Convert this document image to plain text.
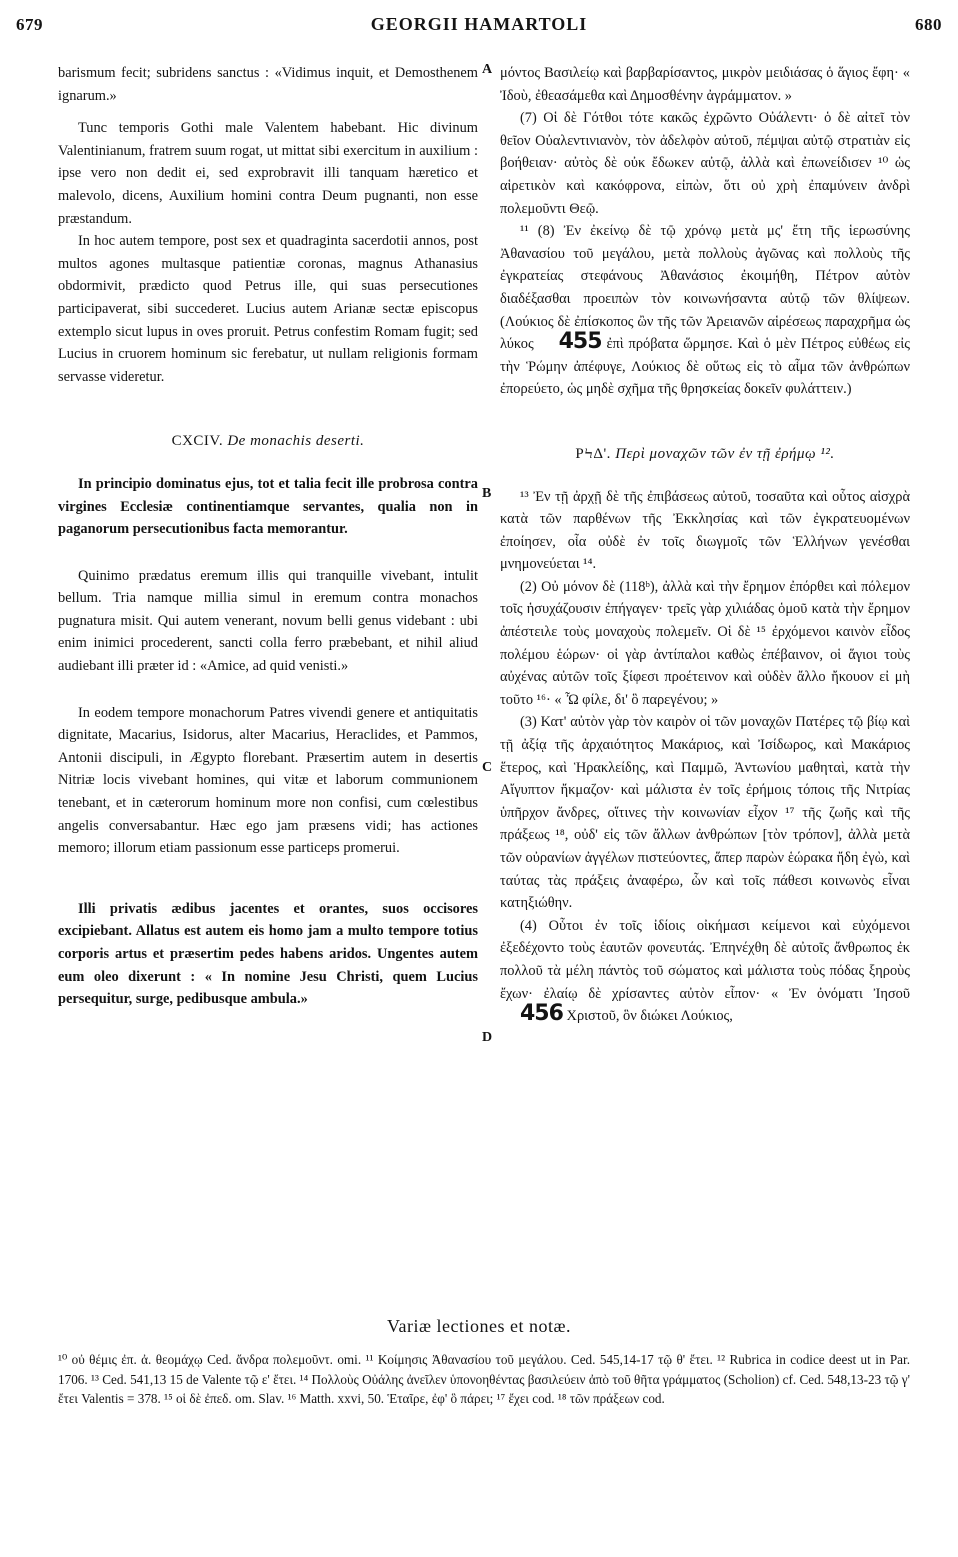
679	GEORGII HAMARTOLI	680
A
B
C
D

barismum fecit; subridens sanctus : «Vidimus inquit, et Demosthenem ignarum.»

Tunc temporis Gothi male Valentem habebant. Hic divinum Valentinianum, fratrem suum rogat, ut mittat sibi exercitum in auxilium : ipse vero non dedit ei, sed exprobravit illi tanquam hæretico et malevolo, dicens, Auxilium homini contra Deum pugnanti, non esse præstandum.

In hoc autem tempore, post sex et quadraginta sacerdotii annos, post multos agones multasque patientiæ coronas, magnus Athanasius obdormivit, prædicto quod Petrus ille, qui suas persecutiones participaverat, sibi succederet. Lucius autem Arianæ sectæ episcopus extemplo sicut lupus in oves proruit. Petrus confestim Romam fugit; sed Lucius in cruorem hominum sic ferebatur, ut nullam religionis formam servasse videretur.

CXCIV. De monachis deserti.

In principio dominatus ejus, tot et talia fecit ille probrosa contra virgines Ecclesiæ continentiamque servantes, qualia non in paganorum persecutionibus facta memorantur.

Quinimo prædatus eremum illis qui tranquille vivebant, intulit bellum. Tria namque millia simul in eremum contra monachos pugnatura misit. Qui autem venerant, novum belli genus videbant : ubi enim inimici procederent, sancti colla ferro præbebant, et nihil aliud audiebant illi præter id : «Amice, ad quid venisti.»

In eodem tempore monachorum Patres vivendi genere et antiquitatis dignitate, Macarius, Isidorus, alter Macarius, Heraclides, et Pammos, Antonii discipuli, in Ægypto florebant. Præsertim autem in desertis Nitriæ locis vivebant homines, qui vitæ et laborum communionem tenebant, et in cæterorum hominum more non confisi, cum cœlestibus angelis conversabantur. Hæc ego jam præsens vidi; has actiones memoro; illorum etiam passionum esse particeps promerui.

Illi privatis ædibus jacentes et orantes, suos occisores excipiebant. Allatus est autem eis homo jam a multo tempore totius corporis artus et præsertim pedes habens aridos. Ungentes autem eum oleo dixerunt : « In nomine Jesu Christi, quem Lucius persequitur, surge, pedibusque ambula.»

μόντος Βασιλείῳ καὶ βαρβαρίσαντος, μικρὸν μειδιάσας ὁ ἅγιος ἔφη· « Ἰδοὺ, ἐθεασάμεθα καὶ Δημοσθένην ἀγράμματον. »

(7) Οἱ δὲ Γότθοι τότε κακῶς ἐχρῶντο Οὐάλεντι· ὁ δὲ αἰτεῖ τὸν θεῖον Οὐαλεντινιανὸν, τὸν ἀδελφὸν αὐτοῦ, πέμψαι αὐτῷ στρατιὰν εἰς βοήθειαν· αὐτὸς δὲ οὐκ ἔδωκεν αὐτῷ, ἀλλὰ καὶ ἐπωνείδισεν ¹⁰ ὡς αἱρετικὸν καὶ κακόφρονα, εἰπὼν, ὅτι οὐ χρὴ ἐπαμύνειν ἀνδρὶ πολεμοῦντι Θεῷ.

¹¹ (8) Ἐν ἐκείνῳ δὲ τῷ χρόνῳ μετὰ μς' ἔτη τῆς ἱερωσύνης Ἀθανασίου τοῦ μεγάλου, μετὰ πολλοὺς ἀγῶνας καὶ πολλοὺς τῆς ἐγκρατείας στεφάνους Ἀθανάσιος ἐκοιμήθη, Πέτρον αὐτὸν διαδέξασθαι προειπὼν τὸν κοινωνήσαντα αὐτῷ τῶν θλίψεων. (Λούκιος δὲ ἐπίσκοπος ὢν τῆς τῶν Ἀρειανῶν αἱρέσεως παραχρῆμα ὡς λύκος 455 ἐπὶ πρόβατα ὥρμησε. Καὶ ὁ μὲν Πέτρος εὐθέως εἰς τὴν Ῥώμην ἀπέφυγε, Λούκιος δὲ οὕτως εἰς τὸ αἷμα τῶν ἀνθρώπων ἐπορεύετο, ὡς μηδὲ σχῆμα τῆς θρησκείας δοκεῖν φυλάττειν.)

ΡϞΔ'. Περὶ μοναχῶν τῶν ἐν τῇ ἐρήμῳ ¹².

¹³ Ἐν τῇ ἀρχῇ δὲ τῆς ἐπιβάσεως αὐτοῦ, τοσαῦτα καὶ οὗτος αἰσχρὰ κατὰ τῶν παρθένων τῆς Ἐκκλησίας καὶ τῶν ἐγκρατευομένων ἐποίησεν, οἷα οὐδὲ ἐν τοῖς διωγμοῖς τῶν Ἑλλήνων γενέσθαι μνημονεύεται ¹⁴.

(2) Οὐ μόνον δὲ (118ᵇ), ἀλλὰ καὶ τὴν ἔρημον ἐπόρθει καὶ πόλεμον τοῖς ἡσυχάζουσιν ἐπήγαγεν· τρεῖς γὰρ χιλιάδας ὁμοῦ κατὰ τὴν ἔρημον ἀπέστειλε τοὺς μοναχοὺς πολεμεῖν. Οἱ δὲ ¹⁵ ἐρχόμενοι καινὸν εἶδος πολέμου ἑώρων· οἱ γὰρ ἀντίπαλοι καθὼς ἐπέβαινον, οἱ ἅγιοι τοὺς αὐχένας αὐτῶν τοῖς ξίφεσι προέτεινον καὶ οὐδὲν ἄλλο ἤκουον εἰ μὴ τοῦτο ¹⁶· « Ὦ φίλε, δι' ὃ παρεγένου; »

(3) Κατ' αὐτὸν γὰρ τὸν καιρὸν οἱ τῶν μοναχῶν Πατέρες τῷ βίῳ καὶ τῇ ἀξίᾳ τῆς ἀρχαιότητος Μακάριος, καὶ Ἰσίδωρος, καὶ Μακάριος ἕτερος, καὶ Ἡρακλείδης, καὶ Παμμῶ, Ἀντωνίου μαθηταὶ, κατὰ τὴν Αἴγυπτον ἤκμαζον· καὶ μάλιστα ἐν τοῖς ἐρήμοις τόποις τῆς Νιτρίας ὑπῆρχον ἄνδρες, οἵτινες τὴν κοινωνίαν εἶχον ¹⁷ τῆς ζωῆς καὶ τῆς πράξεως ¹⁸, οὐδ' εἰς τῶν ἄλλων ἀνθρώπων [τὸν τρόπον], ἀλλὰ μετὰ τῶν οὐρανίων ἀγγέλων πιστεύοντες, ἅπερ παρὼν ἑώρακα ἤδη ἐγὼ, καὶ ταύτας τὰς πράξεις ἀναφέρω, ὧν καὶ τοῖς πάθεσι κοινωνὸς εἶναι κατηξιώθην.

(4) Οὗτοι ἐν τοῖς ἰδίοις οἰκήμασι κείμενοι καὶ εὐχόμενοι ἐξεδέχοντο τοὺς ἑαυτῶν φονευτάς. Ἐπηνέχθη δὲ αὐτοῖς ἄνθρωπος ἐκ πολλοῦ τὰ μέλη πάντὸς τοῦ σώματος καὶ μάλιστα τοὺς πόδας ξηροὺς ἔχων· ἐλαίῳ δὲ χρίσαντες αὐτὸν εἶπον· « Ἐν ὀνόματι Ἰησοῦ 456 Χριστοῦ, ὃν διώκει Λούκιος,

Variæ lectiones et notæ.
¹⁰ οὐ θέμις ἐπ. ἀ. θεομάχῳ Ced. ἄνδρα πολεμοῦντ. omi. ¹¹ Κοίμησις Ἀθανασίου τοῦ μεγάλου. Ced. 545,14-17 τῷ θ' ἔτει. ¹² Rubrica in codice deest ut in Par. 1706. ¹³ Ced. 541,13 15 de Valente τῷ ε' ἔτει. ¹⁴ Πολλοὺς Οὐάλης ἀνεῖλεν ὑπονοηθέντας βασιλεύειν ἀπὸ τοῦ θῆτα γράμματος (Scholion) cf. Ced. 548,13-23 τῷ γ' ἔτει Valentis = 378. ¹⁵ οἱ δὲ ἐπεδ. om. Slav. ¹⁶ Matth. xxvi, 50. Ἑταῖρε, ἐφ' ὃ πάρει; ¹⁷ ἔχει cod. ¹⁸ τῶν πράξεων cod.
